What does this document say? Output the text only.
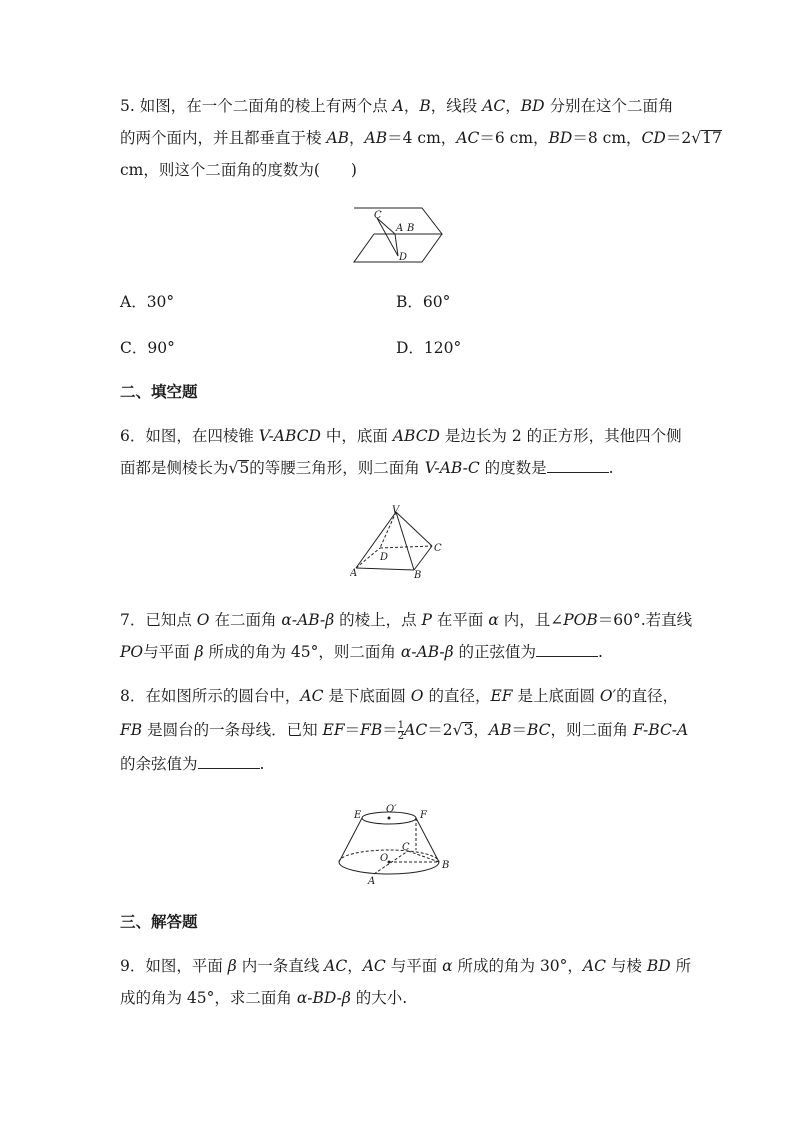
5. 如图，在一个二面角的棱上有两个点 A，B，线段 AC，BD 分别在这个二面角
的两个面内，并且都垂直于棱 AB，AB＝4 cm，AC＝6 cm，BD＝8 cm，CD＝2√17
cm，则这个二面角的度数为(　　)
C
A B
D
A．30°	B．60°
C．90°	D．120°
二、填空题
6．如图，在四棱锥 V-ABCD 中，底面 ABCD 是边长为 2 的正方形，其他四个侧
面都是侧棱长为√5的等腰三角形，则二面角 V-AB-C 的度数是	.
V
A	B
C
D
7．已知点 O 在二面角 α-AB-β 的棱上，点 P 在平面 α 内，且∠POB＝60°.若直线
PO与平面 β 所成的角为 45°，则二面角 α-AB-β 的正弦值为	.
8．在如图所示的圆台中，AC 是下底面圆 O 的直径，EF 是上底面圆 O′的直径，
FB 是圆台的一条母线．已知 $EF=FB= \frac{1}{2} AC=2√3$，AB＝BC，则二面角 F-BC-A
的余弦值为	.
E
O′
F
C
O
B
A
三、解答题
9．如图，平面 β 内一条直线 AC，AC 与平面 α 所成的角为 30°，AC 与棱 BD 所
成的角为 45°，求二面角 α-BD-β 的大小.
